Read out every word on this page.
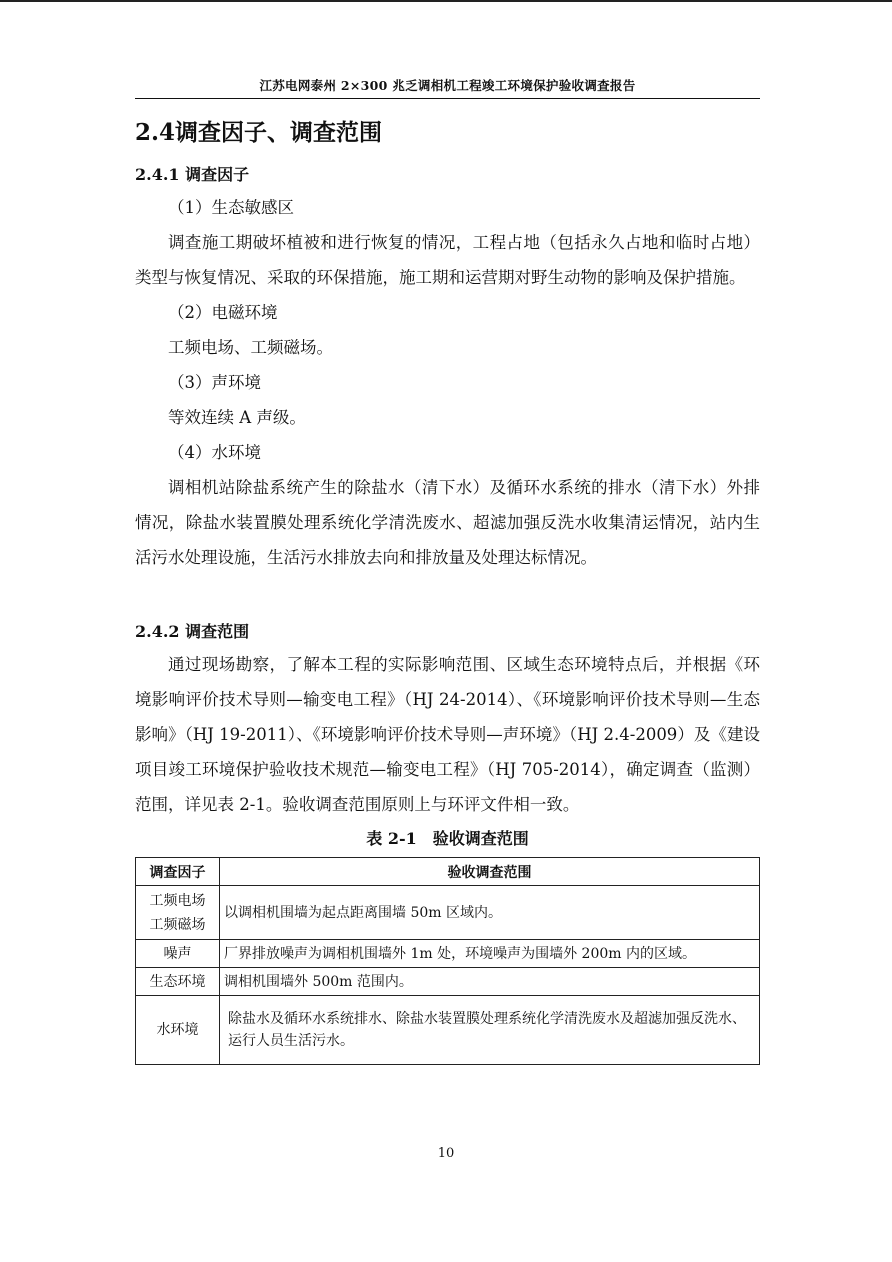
江苏电网泰州 2×300 兆乏调相机工程竣工环境保护验收调查报告
2.4调查因子、调查范围
2.4.1 调查因子

（1）生态敏感区

调查施工期破坏植被和进行恢复的情况，工程占地（包括永久占地和临时占地）类型与恢复情况、采取的环保措施，施工期和运营期对野生动物的影响及保护措施。

（2）电磁环境

工频电场、工频磁场。

（3）声环境

等效连续 A 声级。

（4）水环境

调相机站除盐系统产生的除盐水（清下水）及循环水系统的排水（清下水）外排情况，除盐水装置膜处理系统化学清洗废水、超滤加强反洗水收集清运情况，站内生活污水处理设施，生活污水排放去向和排放量及处理达标情况。

2.4.2 调查范围

通过现场勘察，了解本工程的实际影响范围、区域生态环境特点后，并根据《环境影响评价技术导则—输变电工程》（HJ 24-2014）、《环境影响评价技术导则—生态影响》（HJ 19-2011）、《环境影响评价技术导则—声环境》（HJ 2.4-2009）及《建设项目竣工环境保护验收技术规范—输变电工程》（HJ 705-2014），确定调查（监测）范围，详见表 2-1。验收调查范围原则上与环评文件相一致。

表 2-1　验收调查范围
调查因子	验收调查范围

工频电场
工频磁场	以调相机围墙为起点距离围墙 50m 区域内。
噪声	厂界排放噪声为调相机围墙外 1m 处，环境噪声为围墙外 200m 内的区域。
生态环境	调相机围墙外 500m 范围内。
水环境	除盐水及循环水系统排水、除盐水装置膜处理系统化学清洗废水及超滤加强反洗水、运行人员生活污水。
10
